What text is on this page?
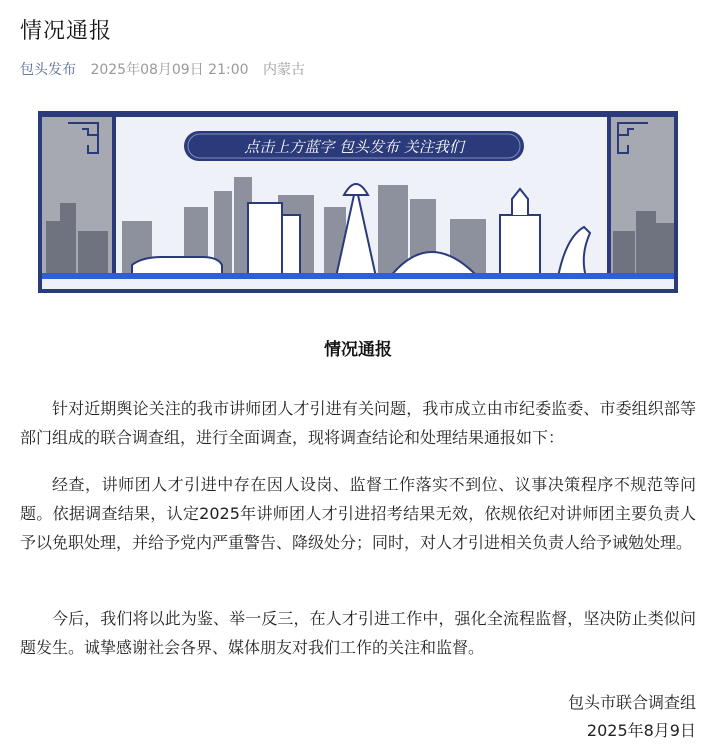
情况通报
包头发布 2025年08月09日 21:00 内蒙古
点击上方蓝字 包头发布 关注我们
情况通报

针对近期舆论关注的我市讲师团人才引进有关问题，我市成立由市纪委监委、市委组织部等部门组成的联合调查组，进行全面调查，现将调查结论和处理结果通报如下：

经查，讲师团人才引进中存在因人设岗、监督工作落实不到位、议事决策程序不规范等问题。依据调查结果，认定2025年讲师团人才引进招考结果无效，依规依纪对讲师团主要负责人予以免职处理，并给予党内严重警告、降级处分；同时，对人才引进相关负责人给予诫勉处理。

今后，我们将以此为鉴、举一反三，在人才引进工作中，强化全流程监督，坚决防止类似问题发生。诚挚感谢社会各界、媒体朋友对我们工作的关注和监督。

包头市联合调查组
2025年8月9日
